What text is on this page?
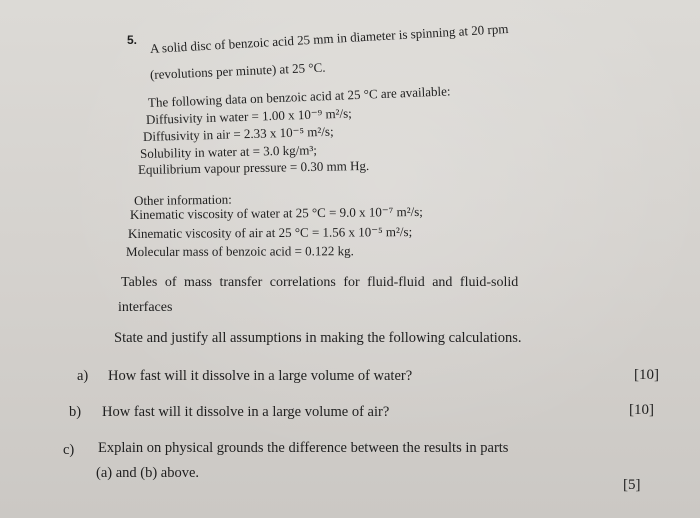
5. A solid disc of benzoic acid 25 mm in diameter is spinning at 20 rpm
(revolutions per minute) at 25 °C.
The following data on benzoic acid at 25 °C are available:
Diffusivity in water = 1.00 x 10⁻⁹ m²/s;
Diffusivity in air = 2.33 x 10⁻⁵ m²/s;
Solubility in water at = 3.0 kg/m³;
Equilibrium vapour pressure = 0.30 mm Hg.
Other information:
Kinematic viscosity of water at 25 °C = 9.0 x 10⁻⁷ m²/s;
Kinematic viscosity of air at 25 °C = 1.56 x 10⁻⁵ m²/s;
Molecular mass of benzoic acid = 0.122 kg.
Tables of mass transfer correlations for fluid-fluid and fluid-solid
interfaces
State and justify all assumptions in making the following calculations.
a) How fast will it dissolve in a large volume of water?	[10]
b) How fast will it dissolve in a large volume of air?	[10]
c) Explain on physical grounds the difference between the results in parts
(a) and (b) above.
[5]
